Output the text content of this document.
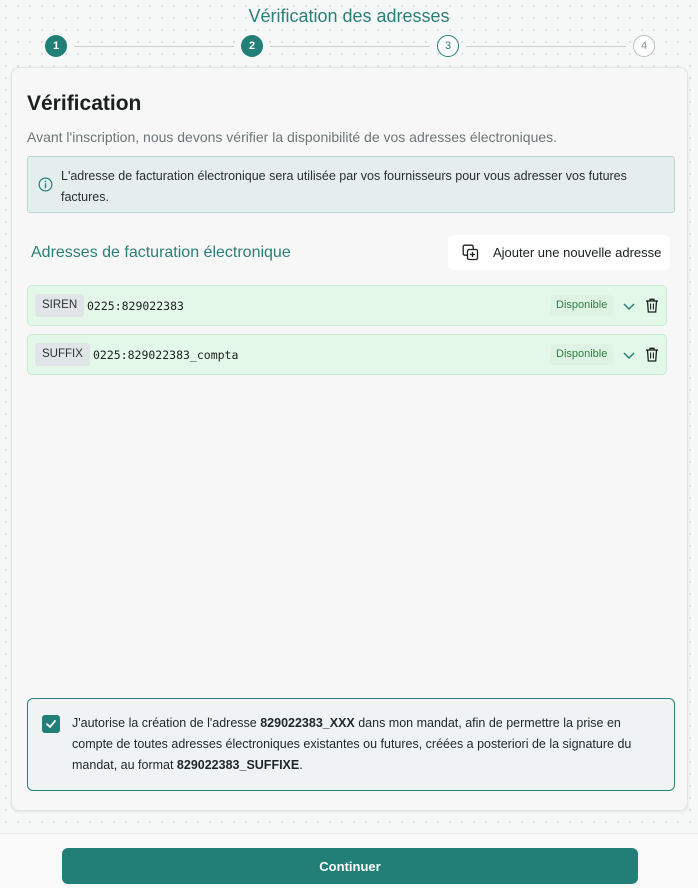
Vérification des adresses
1	2	3	4
Vérification
Avant l'inscription, nous devons vérifier la disponibilité de vos adresses électroniques.
L'adresse de facturation électronique sera utilisée par vos fournisseurs pour vous adresser vos futures factures.
Adresses de facturation électronique	Ajouter une nouvelle adresse
SIREN 0225:829022383	Disponible
SUFFIX 0225:829022383_compta	Disponible
J'autorise la création de l'adresse 829022383_XXX dans mon mandat, afin de permettre la prise en compte de toutes adresses électroniques existantes ou futures, créées a posteriori de la signature du mandat, au format 829022383_SUFFIXE.
Continuer
